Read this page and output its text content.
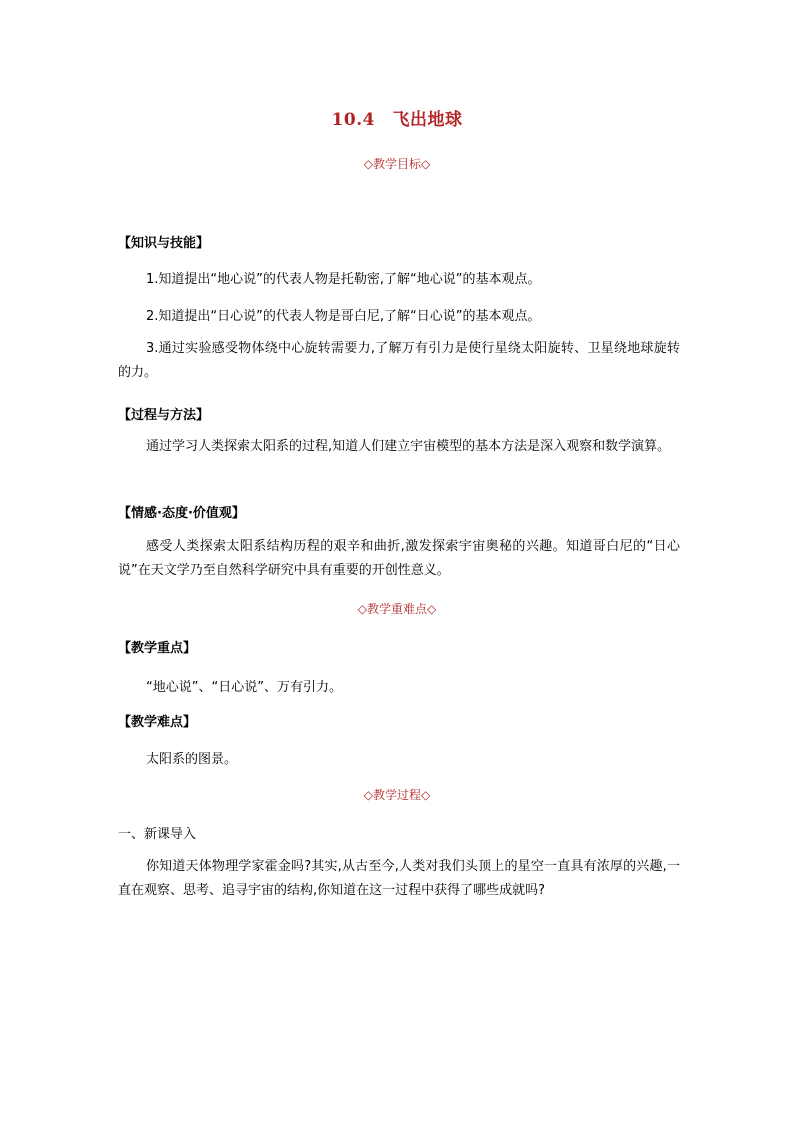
10.4　飞出地球
◇教学目标◇
【知识与技能】
1.知道提出“地心说”的代表人物是托勒密,了解“地心说”的基本观点。
2.知道提出“日心说”的代表人物是哥白尼,了解“日心说”的基本观点。
3.通过实验感受物体绕中心旋转需要力,了解万有引力是使行星绕太阳旋转、卫星绕地球旋转的力。
【过程与方法】
通过学习人类探索太阳系的过程,知道人们建立宇宙模型的基本方法是深入观察和数学演算。
【情感·态度·价值观】
感受人类探索太阳系结构历程的艰辛和曲折,激发探索宇宙奥秘的兴趣。知道哥白尼的“日心说”在天文学乃至自然科学研究中具有重要的开创性意义。
◇教学重难点◇
【教学重点】
“地心说”、“日心说”、万有引力。
【教学难点】
太阳系的图景。
◇教学过程◇
一、新课导入
你知道天体物理学家霍金吗?其实,从古至今,人类对我们头顶上的星空一直具有浓厚的兴趣,一直在观察、思考、追寻宇宙的结构,你知道在这一过程中获得了哪些成就吗?
